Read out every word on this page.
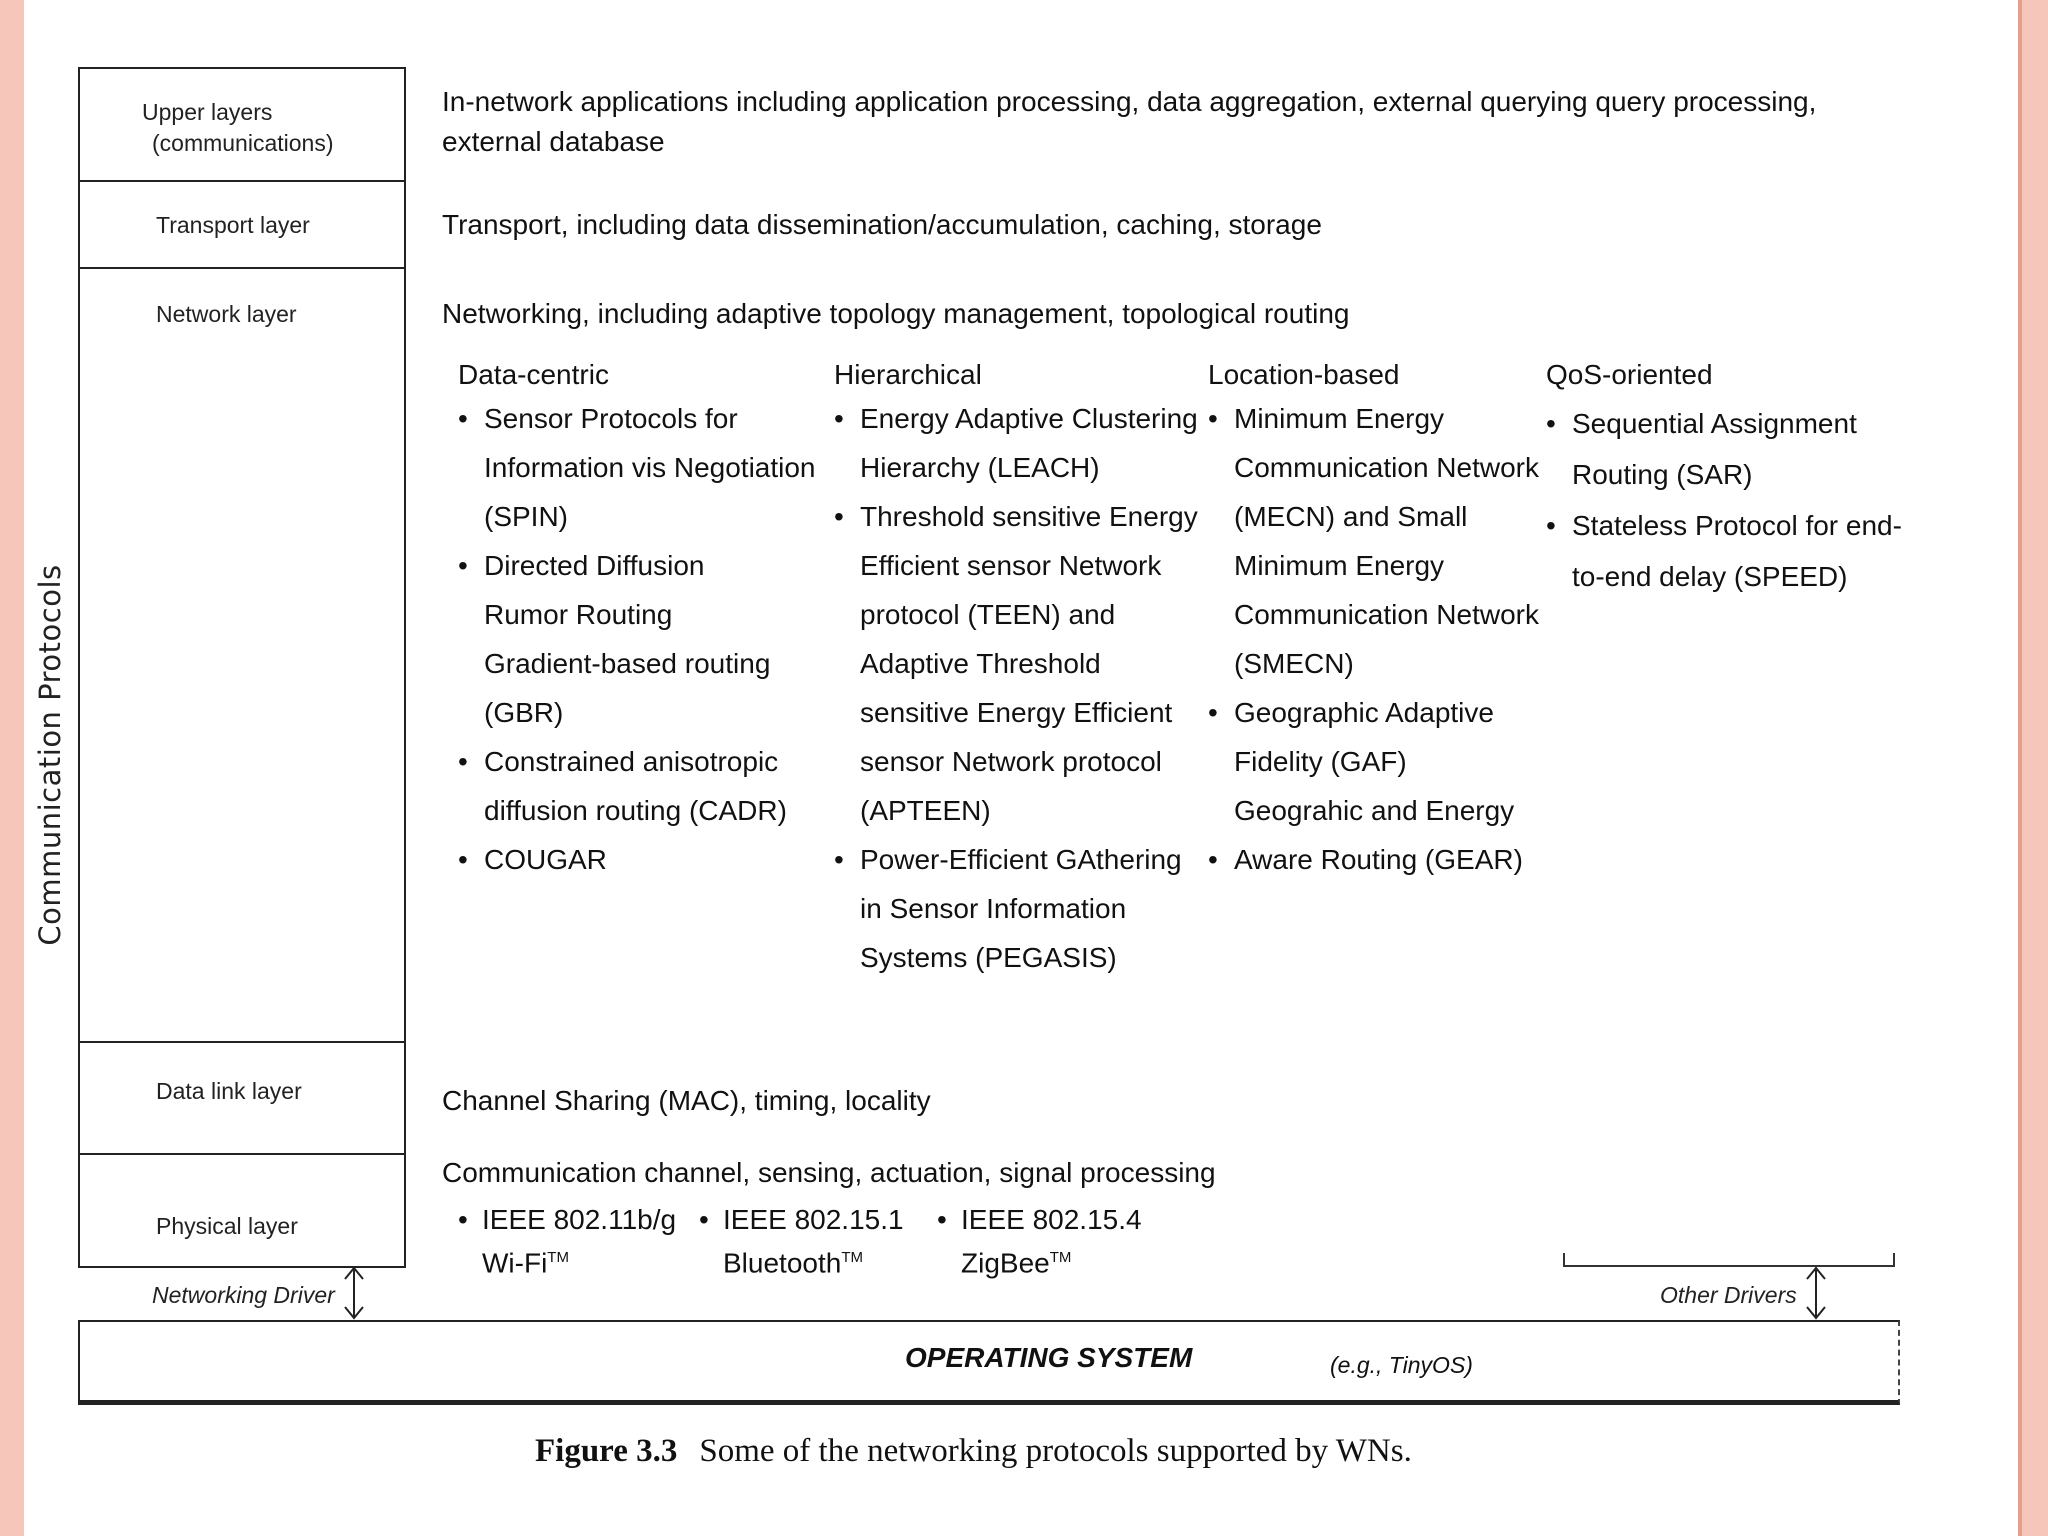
Communication Protocols
Upper layers
(communications)
Transport layer
Network layer
Data link layer
Physical layer
In-network applications including application processing, data aggregation, external querying query processing, external database
Transport, including data dissemination/accumulation, caching, storage
Networking, including adaptive topology management, topological routing
Data-centric
• Sensor Protocols for
Information vis Negotiation
(SPIN)
• Directed Diffusion
Rumor Routing
Gradient-based routing
(GBR)
• Constrained anisotropic
diffusion routing (CADR)
• COUGAR
Hierarchical
• Energy Adaptive Clustering
Hierarchy (LEACH)
• Threshold sensitive Energy
Efficient sensor Network
protocol (TEEN) and
Adaptive Threshold
sensitive Energy Efficient
sensor Network protocol
(APTEEN)
• Power-Efficient GAthering
in Sensor Information
Systems (PEGASIS)
Location-based
• Minimum Energy
Communication Network
(MECN) and Small
Minimum Energy
Communication Network
(SMECN)
• Geographic Adaptive
Fidelity (GAF)
Geograhic and Energy
• Aware Routing (GEAR)
QoS-oriented
• Sequential Assignment
Routing (SAR)
• Stateless Protocol for end-
to-end delay (SPEED)
Channel Sharing (MAC), timing, locality
Communication channel, sensing, actuation, signal processing
• IEEE 802.11b/g
Wi-Fi™
• IEEE 802.15.1
Bluetooth™
• IEEE 802.15.4
ZigBee™
Networking Driver	Other Drivers
OPERATING SYSTEM	(e.g., TinyOS)
Figure 3.3 Some of the networking protocols supported by WNs.
